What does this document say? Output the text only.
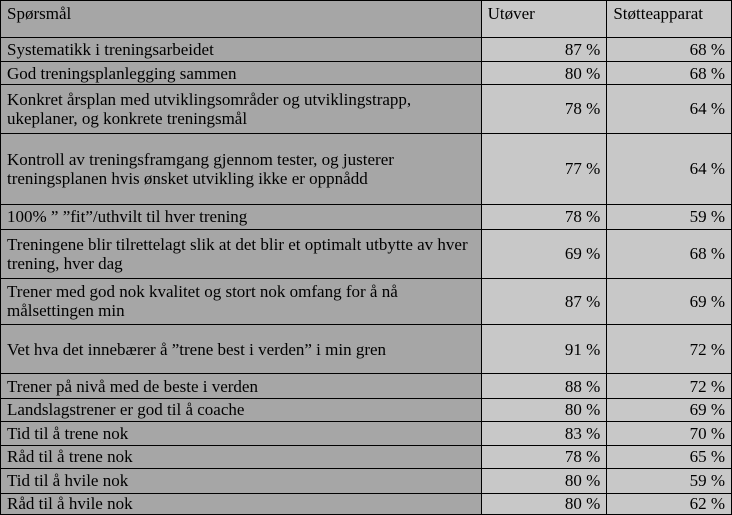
Spørsmål	Utøver	Støtteapparat
Systematikk i treningsarbeidet	87 %	68 %
God treningsplanlegging sammen	80 %	68 %
Konkret årsplan med utviklingsområder og utviklingstrapp, ukeplaner, og konkrete treningsmål	78 %	64 %
Kontroll av treningsframgang gjennom tester, og justerer treningsplanen hvis ønsket utvikling ikke er oppnådd	77 %	64 %
100% ” ”fit”/uthvilt til hver trening	78 %	59 %
Treningene blir tilrettelagt slik at det blir et optimalt utbytte av hver trening, hver dag	69 %	68 %
Trener med god nok kvalitet og stort nok omfang for å nå målsettingen min	87 %	69 %
Vet hva det innebærer å ”trene best i verden” i min gren	91 %	72 %
Trener på nivå med de beste i verden	88 %	72 %
Landslagstrener er god til å coache	80 %	69 %
Tid til å trene nok	83 %	70 %
Råd til å trene nok	78 %	65 %
Tid til å hvile nok	80 %	59 %
Råd til å hvile nok	80 %	62 %
